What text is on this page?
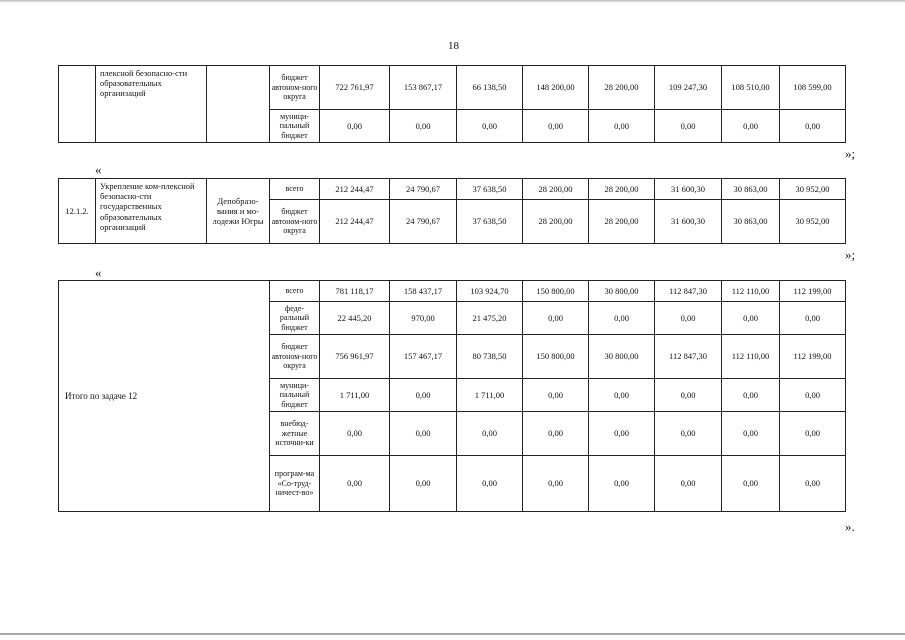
18
	плексной безопасно-сти образовательных организаций		бюджет автоном-ного округа	722 761,97	153 867,17	66 138,50	148 200,00	28 200,00	109 247,30	108 510,00	108 599,00
			муници-пальный бюджет	0,00	0,00	0,00	0,00	0,00	0,00	0,00	0,00
»;
«
12.1.2.	Укрепление ком-плексной безопасно-сти государственных образовательных организаций	Депобразо-вания и мо-лодежи Югры	всего	212 244,47	24 790,67	37 638,50	28 200,00	28 200,00	31 600,30	30 863,00	30 952,00
			бюджет автоном-ного округа	212 244,47	24 790,67	37 638,50	28 200,00	28 200,00	31 600,30	30 863,00	30 952,00
»;
«
Итого по задаче 12	всего	781 118,17	158 437,17	103 924,70	150 800,00	30 800,00	112 847,30	112 110,00	112 199,00
	феде-ральный бюджет	22 445,20	970,00	21 475,20	0,00	0,00	0,00	0,00	0,00
	бюджет автоном-ного округа	756 961,97	157 467,17	80 738,50	150 800,00	30 800,00	112 847,30	112 110,00	112 199,00
	муници-пальный бюджет	1 711,00	0,00	1 711,00	0,00	0,00	0,00	0,00	0,00
	внебюд-жетные источни-ки	0,00	0,00	0,00	0,00	0,00	0,00	0,00	0,00
	програм-ма «Со-труд-ничест-во»	0,00	0,00	0,00	0,00	0,00	0,00	0,00	0,00
».
